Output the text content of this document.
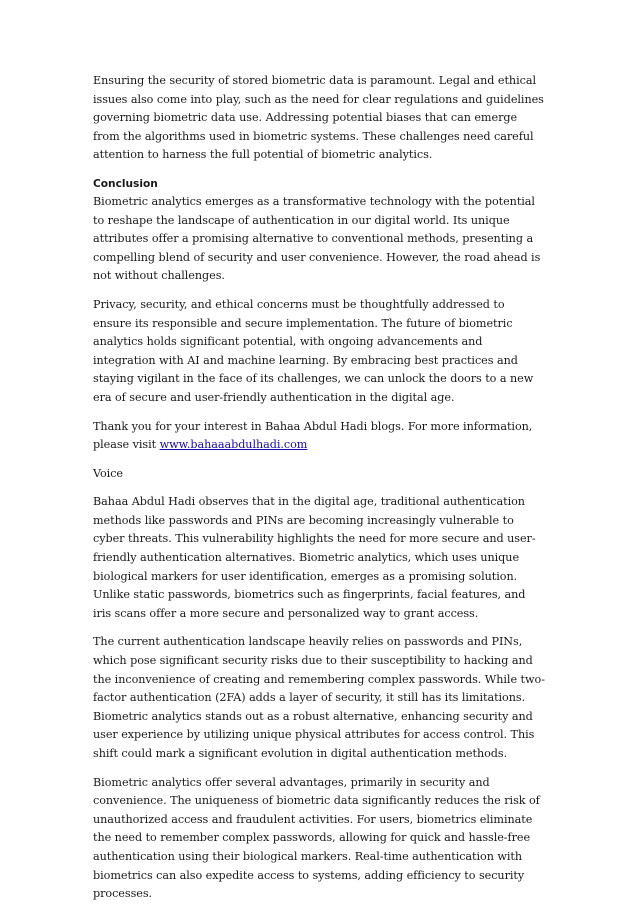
Ensuring the security of stored biometric data is paramount. Legal and ethical issues also come into play, such as the need for clear regulations and guidelines governing biometric data use. Addressing potential biases that can emerge from the algorithms used in biometric systems. These challenges need careful attention to harness the full potential of biometric analytics.

Conclusion

Biometric analytics emerges as a transformative technology with the potential to reshape the landscape of authentication in our digital world. Its unique attributes offer a promising alternative to conventional methods, presenting a compelling blend of security and user convenience. However, the road ahead is not without challenges.

Privacy, security, and ethical concerns must be thoughtfully addressed to ensure its responsible and secure implementation. The future of biometric analytics holds significant potential, with ongoing advancements and integration with AI and machine learning. By embracing best practices and staying vigilant in the face of its challenges, we can unlock the doors to a new era of secure and user-friendly authentication in the digital age.

Thank you for your interest in Bahaa Abdul Hadi blogs. For more information, please visit www.bahaaabdulhadi.com

Voice

Bahaa Abdul Hadi observes that in the digital age, traditional authentication methods like passwords and PINs are becoming increasingly vulnerable to cyber threats. This vulnerability highlights the need for more secure and user-friendly authentication alternatives. Biometric analytics, which uses unique biological markers for user identification, emerges as a promising solution. Unlike static passwords, biometrics such as fingerprints, facial features, and iris scans offer a more secure and personalized way to grant access.

The current authentication landscape heavily relies on passwords and PINs, which pose significant security risks due to their susceptibility to hacking and the inconvenience of creating and remembering complex passwords. While two-factor authentication (2FA) adds a layer of security, it still has its limitations. Biometric analytics stands out as a robust alternative, enhancing security and user experience by utilizing unique physical attributes for access control. This shift could mark a significant evolution in digital authentication methods.

Biometric analytics offer several advantages, primarily in security and convenience. The uniqueness of biometric data significantly reduces the risk of unauthorized access and fraudulent activities. For users, biometrics eliminate the need to remember complex passwords, allowing for quick and hassle-free authentication using their biological markers. Real-time authentication with biometrics can also expedite access to systems, adding efficiency to security processes.
